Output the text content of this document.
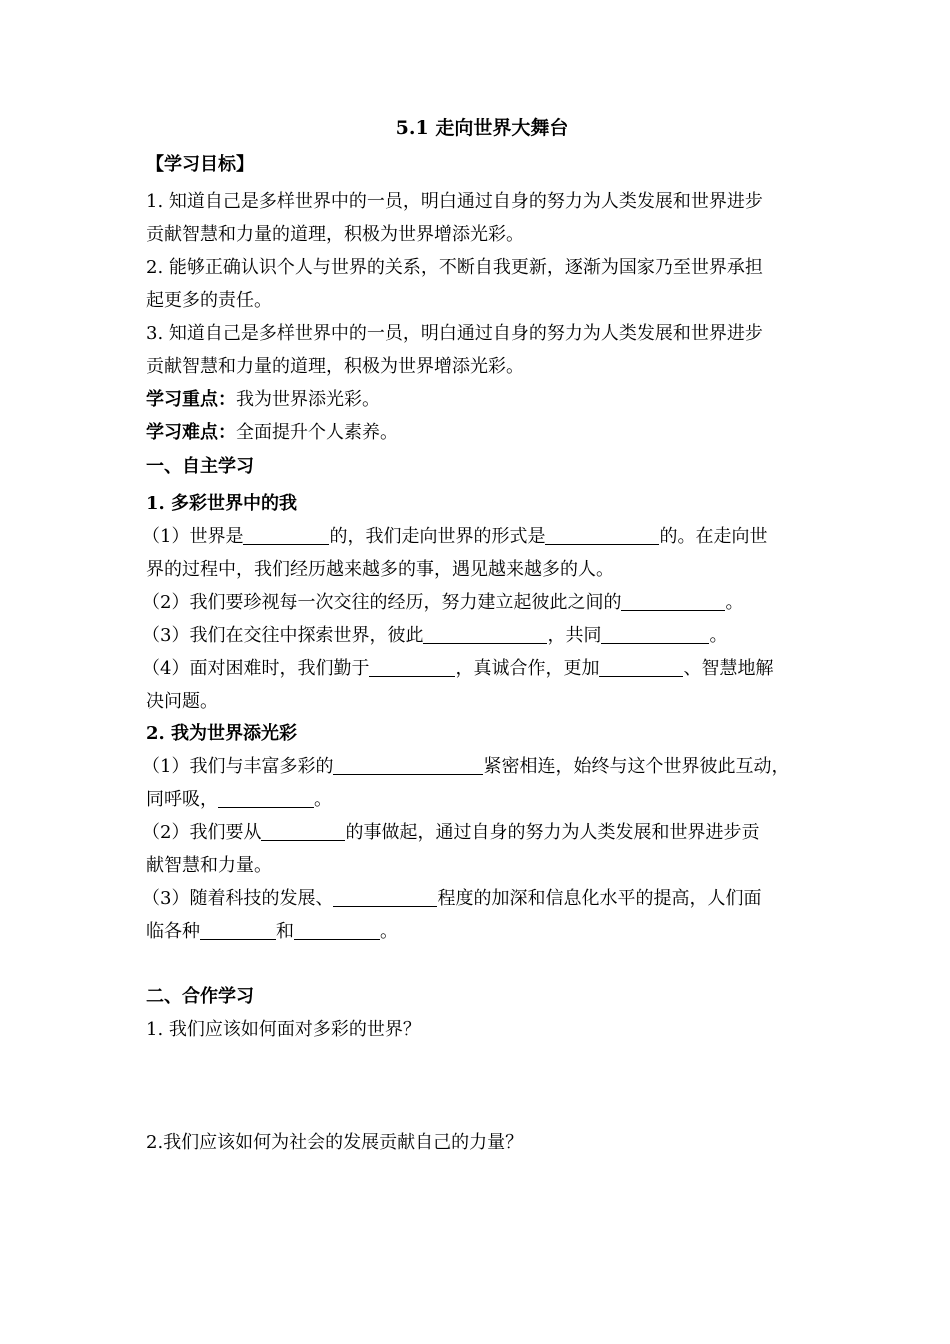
5.1 走向世界大舞台
【学习目标】
1. 知道自己是多样世界中的一员，明白通过自身的努力为人类发展和世界进步
贡献智慧和力量的道理，积极为世界增添光彩。
2. 能够正确认识个人与世界的关系，不断自我更新，逐渐为国家乃至世界承担
起更多的责任。
3. 知道自己是多样世界中的一员，明白通过自身的努力为人类发展和世界进步
贡献智慧和力量的道理，积极为世界增添光彩。
学习重点：我为世界添光彩。
学习难点：全面提升个人素养。
一、自主学习
1. 多彩世界中的我
（1）世界是	的，我们走向世界的形式是	的。在走向世
界的过程中，我们经历越来越多的事，遇见越来越多的人。
（2）我们要珍视每一次交往的经历，努力建立起彼此之间的	。
（3）我们在交往中探索世界，彼此	，共同	。
（4）面对困难时，我们勤于	，真诚合作，更加	、智慧地解
决问题。
2. 我为世界添光彩
（1）我们与丰富多彩的	紧密相连，始终与这个世界彼此互动，
同呼吸，	。
（2）我们要从	的事做起，通过自身的努力为人类发展和世界进步贡
献智慧和力量。
（3）随着科技的发展、	程度的加深和信息化水平的提高，人们面
临各种	和	。
二、合作学习
1. 我们应该如何面对多彩的世界？
2.我们应该如何为社会的发展贡献自己的力量？
